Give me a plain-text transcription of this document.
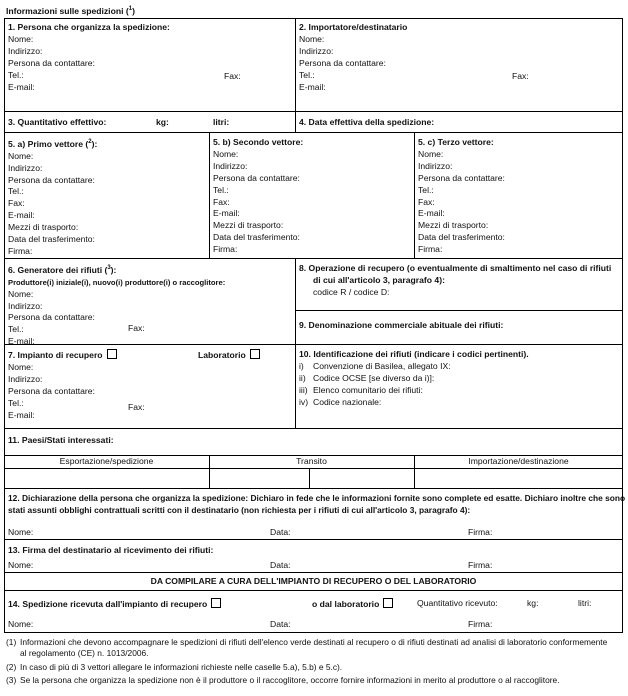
Informazioni sulle spedizioni ($^1$)
1. Persona che organizza la spedizione:
Nome:
Indirizzo:
Persona da contattare:
Tel.:
E-mail:
Fax:
2. Importatore/destinatario
Nome:
Indirizzo:
Persona da contattare:
Tel.:
E-mail:
Fax:
3. Quantitativo effettivo:	kg:	litri:	4. Data effettiva della spedizione:
5. a) Primo vettore ($^2$):
Nome:
Indirizzo:
Persona da contattare:
Tel.:
Fax:
E-mail:
Mezzi di trasporto:
Data del trasferimento:
Firma:
5. b) Secondo vettore:
Nome:
Indirizzo:
Persona da contattare:
Tel.:
Fax:
E-mail:
Mezzi di trasporto:
Data del trasferimento:
Firma:
5. c) Terzo vettore:
Nome:
Indirizzo:
Persona da contattare:
Tel.:
Fax:
E-mail:
Mezzi di trasporto:
Data del trasferimento:
Firma:
6. Generatore dei rifiuti ($^3$):
Produttore(i) iniziale(i), nuovo(i) produttore(i) o raccoglitore:
Nome:
Indirizzo:
Persona da contattare:
Tel.:
E-mail:
Fax:
8. Operazione di recupero (o eventualmente di smaltimento nel caso di rifiuti
di cui all'articolo 3, paragrafo 4):
codice R / codice D:
9. Denominazione commerciale abituale dei rifiuti:
7. Impianto di recupero
Nome:
Indirizzo:
Persona da contattare:
Tel.:
E-mail:
Laboratorio
Fax:
10. Identificazione dei rifiuti (indicare i codici pertinenti).
i) Convenzione di Basilea, allegato IX:
ii) Codice OCSE [se diverso da i)]:
iii) Elenco comunitario dei rifiuti:
iv) Codice nazionale:
11. Paesi/Stati interessati:
Esportazione/spedizione	Transito	Importazione/destinazione
12. Dichiarazione della persona che organizza la spedizione: Dichiaro in fede che le informazioni fornite sono complete ed esatte. Dichiaro inoltre che sono
stati assunti obblighi contrattuali scritti con il destinatario (non richiesta per i rifiuti di cui all'articolo 3, paragrafo 4):
Nome:	Data:	Firma:
13. Firma del destinatario al ricevimento dei rifiuti:
Nome:	Data:	Firma:
DA COMPILARE A CURA DELL'IMPIANTO DI RECUPERO O DEL LABORATORIO
14. Spedizione ricevuta dall'impianto di recupero	o dal laboratorio	Quantitativo ricevuto:	kg:	litri:
Nome:	Data:	Firma:
(1) Informazioni che devono accompagnare le spedizioni di rifiuti dell'elenco verde destinati al recupero o di rifiuti destinati ad analisi di laboratorio conformemente
al regolamento (CE) n. 1013/2006.
(2) In caso di più di 3 vettori allegare le informazioni richieste nelle caselle 5.a), 5.b) e 5.c).
(3) Se la persona che organizza la spedizione non è il produttore o il raccoglitore, occorre fornire informazioni in merito al produttore o al raccoglitore.
